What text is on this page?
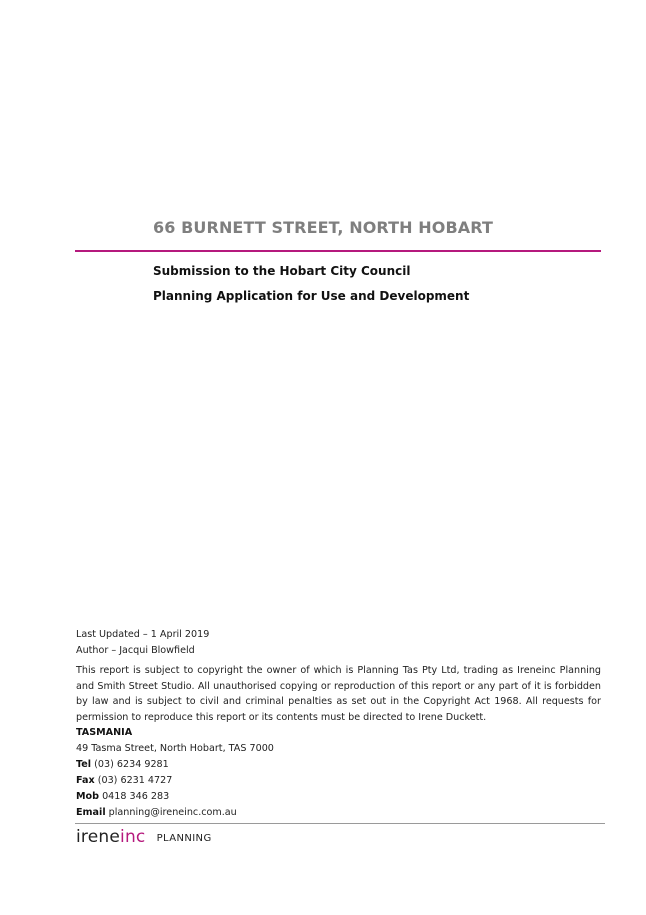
66 BURNETT STREET, NORTH HOBART
Submission to the Hobart City Council
Planning Application for Use and Development
Last Updated – 1 April 2019
Author – Jacqui Blowfield
This report is subject to copyright the owner of which is Planning Tas Pty Ltd, trading as Ireneinc Planning and Smith Street Studio. All unauthorised copying or reproduction of this report or any part of it is forbidden by law and is subject to civil and criminal penalties as set out in the Copyright Act 1968. All requests for permission to reproduce this report or its contents must be directed to Irene Duckett.
TASMANIA
49 Tasma Street, North Hobart, TAS 7000
Tel (03) 6234 9281
Fax (03) 6231 4727
Mob 0418 346 283
Email planning@ireneinc.com.au
ireneinc PLANNING
